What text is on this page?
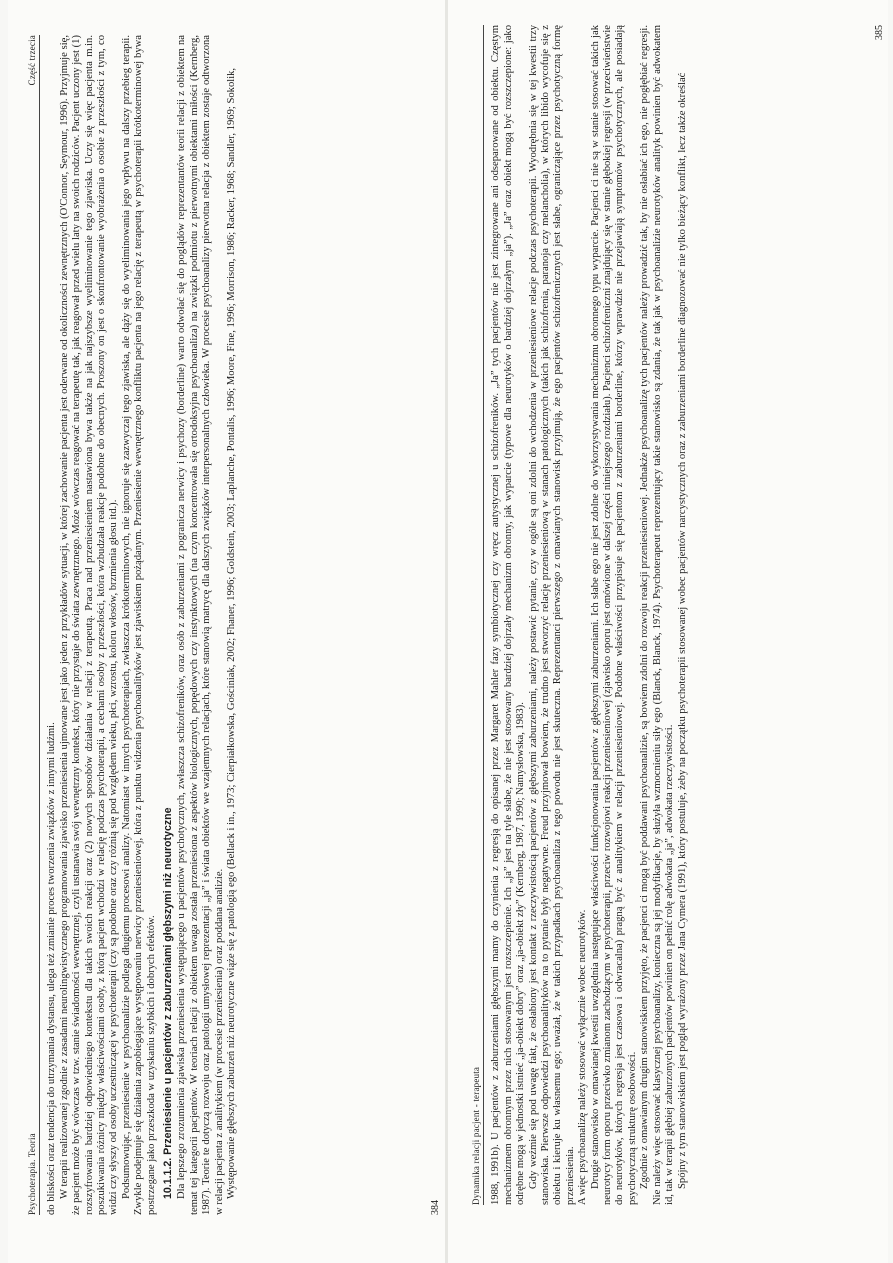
Psychoterapia. Teoria
Część trzecia

do bliskości oraz tendencja do utrzymania dystansu, ulega też zmianie proces tworzenia związków z innymi ludźmi. W terapii realizowanej zgodnie z zasadami neurolingwistycznego programowania zjawisko przeniesienia ujmowane jest jako jeden z przykładów sytuacji, w której zachowanie pacjenta jest oderwane od okoliczności zewnętrznych (O'Connor, Seymour, 1996). Przyjmuje się, że pacjent może być wówczas w tzw. stanie świadomości wewnętrznej, czyli ustanawia swój wewnętrzny kontekst, który nie przystaje do świata zewnętrznego. Może wówczas reagować na terapeutę tak, jak reagował przed wielu laty na swoich rodziców. Pacjent uczony jest (1) rozszyfrowania bardziej odpowiedniego kontekstu dla takich swoich reakcji oraz (2) nowych sposobów działania w relacji z terapeutą. Praca nad przeniesieniem nastawiona bywa także na jak najszybsze wyeliminowanie tego zjawiska. Uczy się więc pacjenta m.in. poszukiwania różnicy między właściwościami osoby, z którą pacjent wchodzi w relację podczas psychoterapii, a cechami osoby z przeszłości, która wzbudzała reakcje podobne do obecnych. Proszony on jest o skonfrontowanie wyobrażenia o osobie z przeszłości z tym, co widzi czy słyszy od osoby uczestniczącej w psychoterapii (czy są podobne oraz czy różnią się pod względem wieku, płci, wzrostu, koloru włosów, brzmienia głosu itd.). Podsumowując, przeniesienie w psychoanalizie podlega długiemu procesowi analizy. Natomiast w innych psychoterapiach, zwłaszcza krótkoterminowych, nie ignoruje się zazwyczaj tego zjawiska, ale dąży się do wyeliminowania jego wpływu na dalszy przebieg terapii. Zwykle podejmuje się działania zapobiegające występowaniu nerwicy przeniesieniowej, która z punktu widzenia psychoanalityków jest zjawiskiem pożądanym. Przeniesienie wewnętrznego konfliktu pacjenta na jego relację z terapeutą w psychoterapii krótkoterminowej bywa postrzegane jako przeszkoda w uzyskaniu szybkich i dobrych efektów. 10.1.1.2. Przeniesienie u pacjentów z zaburzeniami głębszymi niż neurotyczne Dla lepszego zrozumienia zjawiska przeniesienia występującego u pacjentów psychotycznych, zwłaszcza schizofreników, oraz osób z zaburzeniami z pogranicza nerwicy i psychozy (borderline) warto odwołać się do poglądów reprezentantów teorii relacji z obiektem na temat tej kategorii pacjentów. W teoriach relacji z obiektem uwaga została przeniesiona z aspektów biologicznych, popędowych czy instynktowych (na czym koncentrowała się ortodoksyjna psychoanaliza) na związki podmiotu z pierwotnymi obiektami miłości (Kernberg, 1987). Teorie te dotyczą rozwoju oraz patologii umysłowej reprezentacji „ja” i świata obiektów we wzajemnych relacjach, które stanowią matrycę dla dalszych związków interpersonalnych człowieka. W procesie psychoanalizy pierwotna relacja z obiektem zostaje odtworzona w relacji pacjenta z analitykiem (w procesie przeniesienia) oraz poddana analizie. Występowanie głębszych zaburzeń niż neurotyczne wiąże się z patologią ego (Bellack i in., 1973; Cierpiałkowska, Gościniak, 2002; Fhaner, 1996; Goldstein, 2003; Laplanche, Pontalis, 1996; Moore, Fine, 1996; Morrison, 1986; Racker, 1968; Sandler, 1969; Sokolik,

384
Dynamika relacji pacjent - terapeuta 1988, 1991b). U pacjentów z zaburzeniami głębszymi mamy do czynienia z regresją do opisanej przez Margaret Mahler fazy symbiotycznej czy wręcz autystycznej u schizofreników. „Ja” tych pacjentów nie jest zintegrowane ani odseparowane od obiektu. Częstym mechanizmem obronnym przez nich stosowanym jest rozszczepienie. Ich „ja” jest na tyle słabe, że nie jest stosowany bardziej dojrzały mechanizm obronny, jak wyparcie (typowe dla neurotyków o bardziej dojrzałym „ja”). „Ja” oraz obiekt mogą być rozszczepione: jako odrębne mogą w jednostki istnieć „ja-obiekt dobry” oraz „ja-obiekt zły” (Kernberg, 1987, 1990; Namysłowska, 1983). Gdy weźmie się pod uwagę fakt, że osłabiony jest kontakt z rzeczywistością pacjentów z głębszymi zaburzeniami, należy postawić pytanie, czy w ogóle są oni zdolni do wchodzenia w przeniesieniowe relacje podczas psychoterapii. Wyodrębnia się w tej kwestii trzy stanowiska. Pierwsze odpowiedzi psychoanalityków na to pytanie były negatywne. Freud przyjmował bowiem, że trudno jest stworzyć relację przeniesieniową w stanach patologicznych (takich jak schizofrenia, paranoja czy melancholia), w których libido wycofuje się z obiektu i kieruje ku własnemu ego; uważał, że w takich przypadkach psychoanaliza z tego powodu nie jest skuteczna. Reprezentanci pierwszego z omawianych stanowisk przyjmują, że ego pacjentów schizofrenicznych jest słabe, ograniczające przez psychotyczną formę przeniesienia. A więc psychoanalizę należy stosować wyłącznie wobec neurotyków. Drugie stanowisko w omawianej kwestii uwzględnia następujące właściwości funkcjonowania pacjentów z głębszymi zaburzeniami. Ich słabe ego nie jest zdolne do wykorzystywania mechanizmu obronnego typu wyparcie. Pacjenci ci nie są w stanie stosować takich jak neurotycy form oporu przeciwko zmianom zachodzącym w psychoterapii, przeciw rozwojowi reakcji przeniesieniowej (zjawisko oporu jest omówione w dalszej części niniejszego rozdziału). Pacjenci schizofreniczni znajdujący się w stanie głębokiej regresji (w przeciwieństwie do neurotyków, których regresja jest czasowa i odwracalna) pragną być z analitykiem w relacji przeniesieniowej. Podobne właściwości przypisuje się pacjentom z zaburzeniami borderline, którzy wprawdzie nie przejawiają symptomów psychotycznych, ale posiadają psychotyczną strukturę osobowości. Zgodnie z omawianym drugim stanowiskiem przyjęto, że pacjenci ci mogą być poddawani psychoanalizie, są bowiem zdolni do rozwoju reakcji przeniesieniowej. Jednakże psychoanalizę tych pacjentów należy prowadzić tak, by nie osłabiać ich ego, nie pogłębiać regresji. Nie należy więc stosować klasycznej psychoanalizy, konieczna są jej modyfikacje, by służyła wzmocnieniu siły ego (Blanck, Blanck, 1974). Psychoterapeut reprezentujący takie stanowisko są zdania, że tak jak w psychoanalizie neurotyków analityk powinien być adwokatem id, tak w terapii głębiej zaburzonych pacjentów powinien on pełnić rolę adwokata „ja”, adwokata rzeczywistości. Spójny z tym stanowiskiem jest pogląd wyrażony przez Jana Cymera (1991), który postuluje, żeby na początku psychoterapii stosowanej wobec pacjentów narcystycznych oraz z zaburzeniami borderline diagnozować nie tylko bieżący konflikt, lecz także określać

385
